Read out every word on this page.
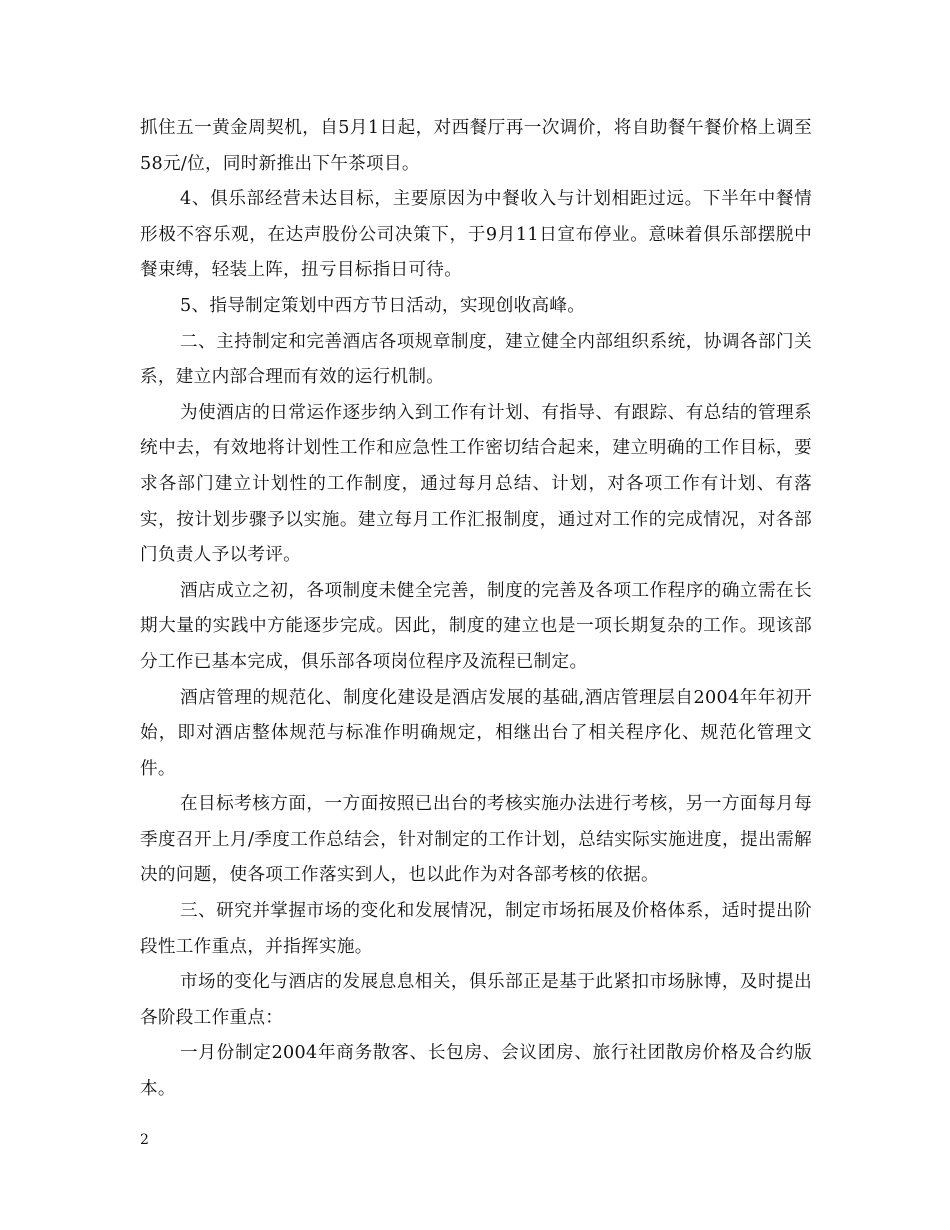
抓住五一黄金周契机，自5月1日起，对西餐厅再一次调价，将自助餐午餐价格上调至58元/位，同时新推出下午茶项目。

4、俱乐部经营未达目标，主要原因为中餐收入与计划相距过远。下半年中餐情形极不容乐观，在达声股份公司决策下，于9月11日宣布停业。意味着俱乐部摆脱中餐束缚，轻装上阵，扭亏目标指日可待。

5、指导制定策划中西方节日活动，实现创收高峰。

二、主持制定和完善酒店各项规章制度，建立健全内部组织系统，协调各部门关系，建立内部合理而有效的运行机制。

为使酒店的日常运作逐步纳入到工作有计划、有指导、有跟踪、有总结的管理系统中去，有效地将计划性工作和应急性工作密切结合起来，建立明确的工作目标，要求各部门建立计划性的工作制度，通过每月总结、计划，对各项工作有计划、有落实，按计划步骤予以实施。建立每月工作汇报制度，通过对工作的完成情况，对各部门负责人予以考评。

酒店成立之初，各项制度未健全完善，制度的完善及各项工作程序的确立需在长期大量的实践中方能逐步完成。因此，制度的建立也是一项长期复杂的工作。现该部分工作已基本完成，俱乐部各项岗位程序及流程已制定。

酒店管理的规范化、制度化建设是酒店发展的基础,酒店管理层自2004年年初开始，即对酒店整体规范与标准作明确规定，相继出台了相关程序化、规范化管理文件。

在目标考核方面，一方面按照已出台的考核实施办法进行考核，另一方面每月每季度召开上月/季度工作总结会，针对制定的工作计划，总结实际实施进度，提出需解决的问题，使各项工作落实到人，也以此作为对各部考核的依据。

三、研究并掌握市场的变化和发展情况，制定市场拓展及价格体系，适时提出阶段性工作重点，并指挥实施。

市场的变化与酒店的发展息息相关，俱乐部正是基于此紧扣市场脉博，及时提出各阶段工作重点：

一月份制定2004年商务散客、长包房、会议团房、旅行社团散房价格及合约版本。

2
